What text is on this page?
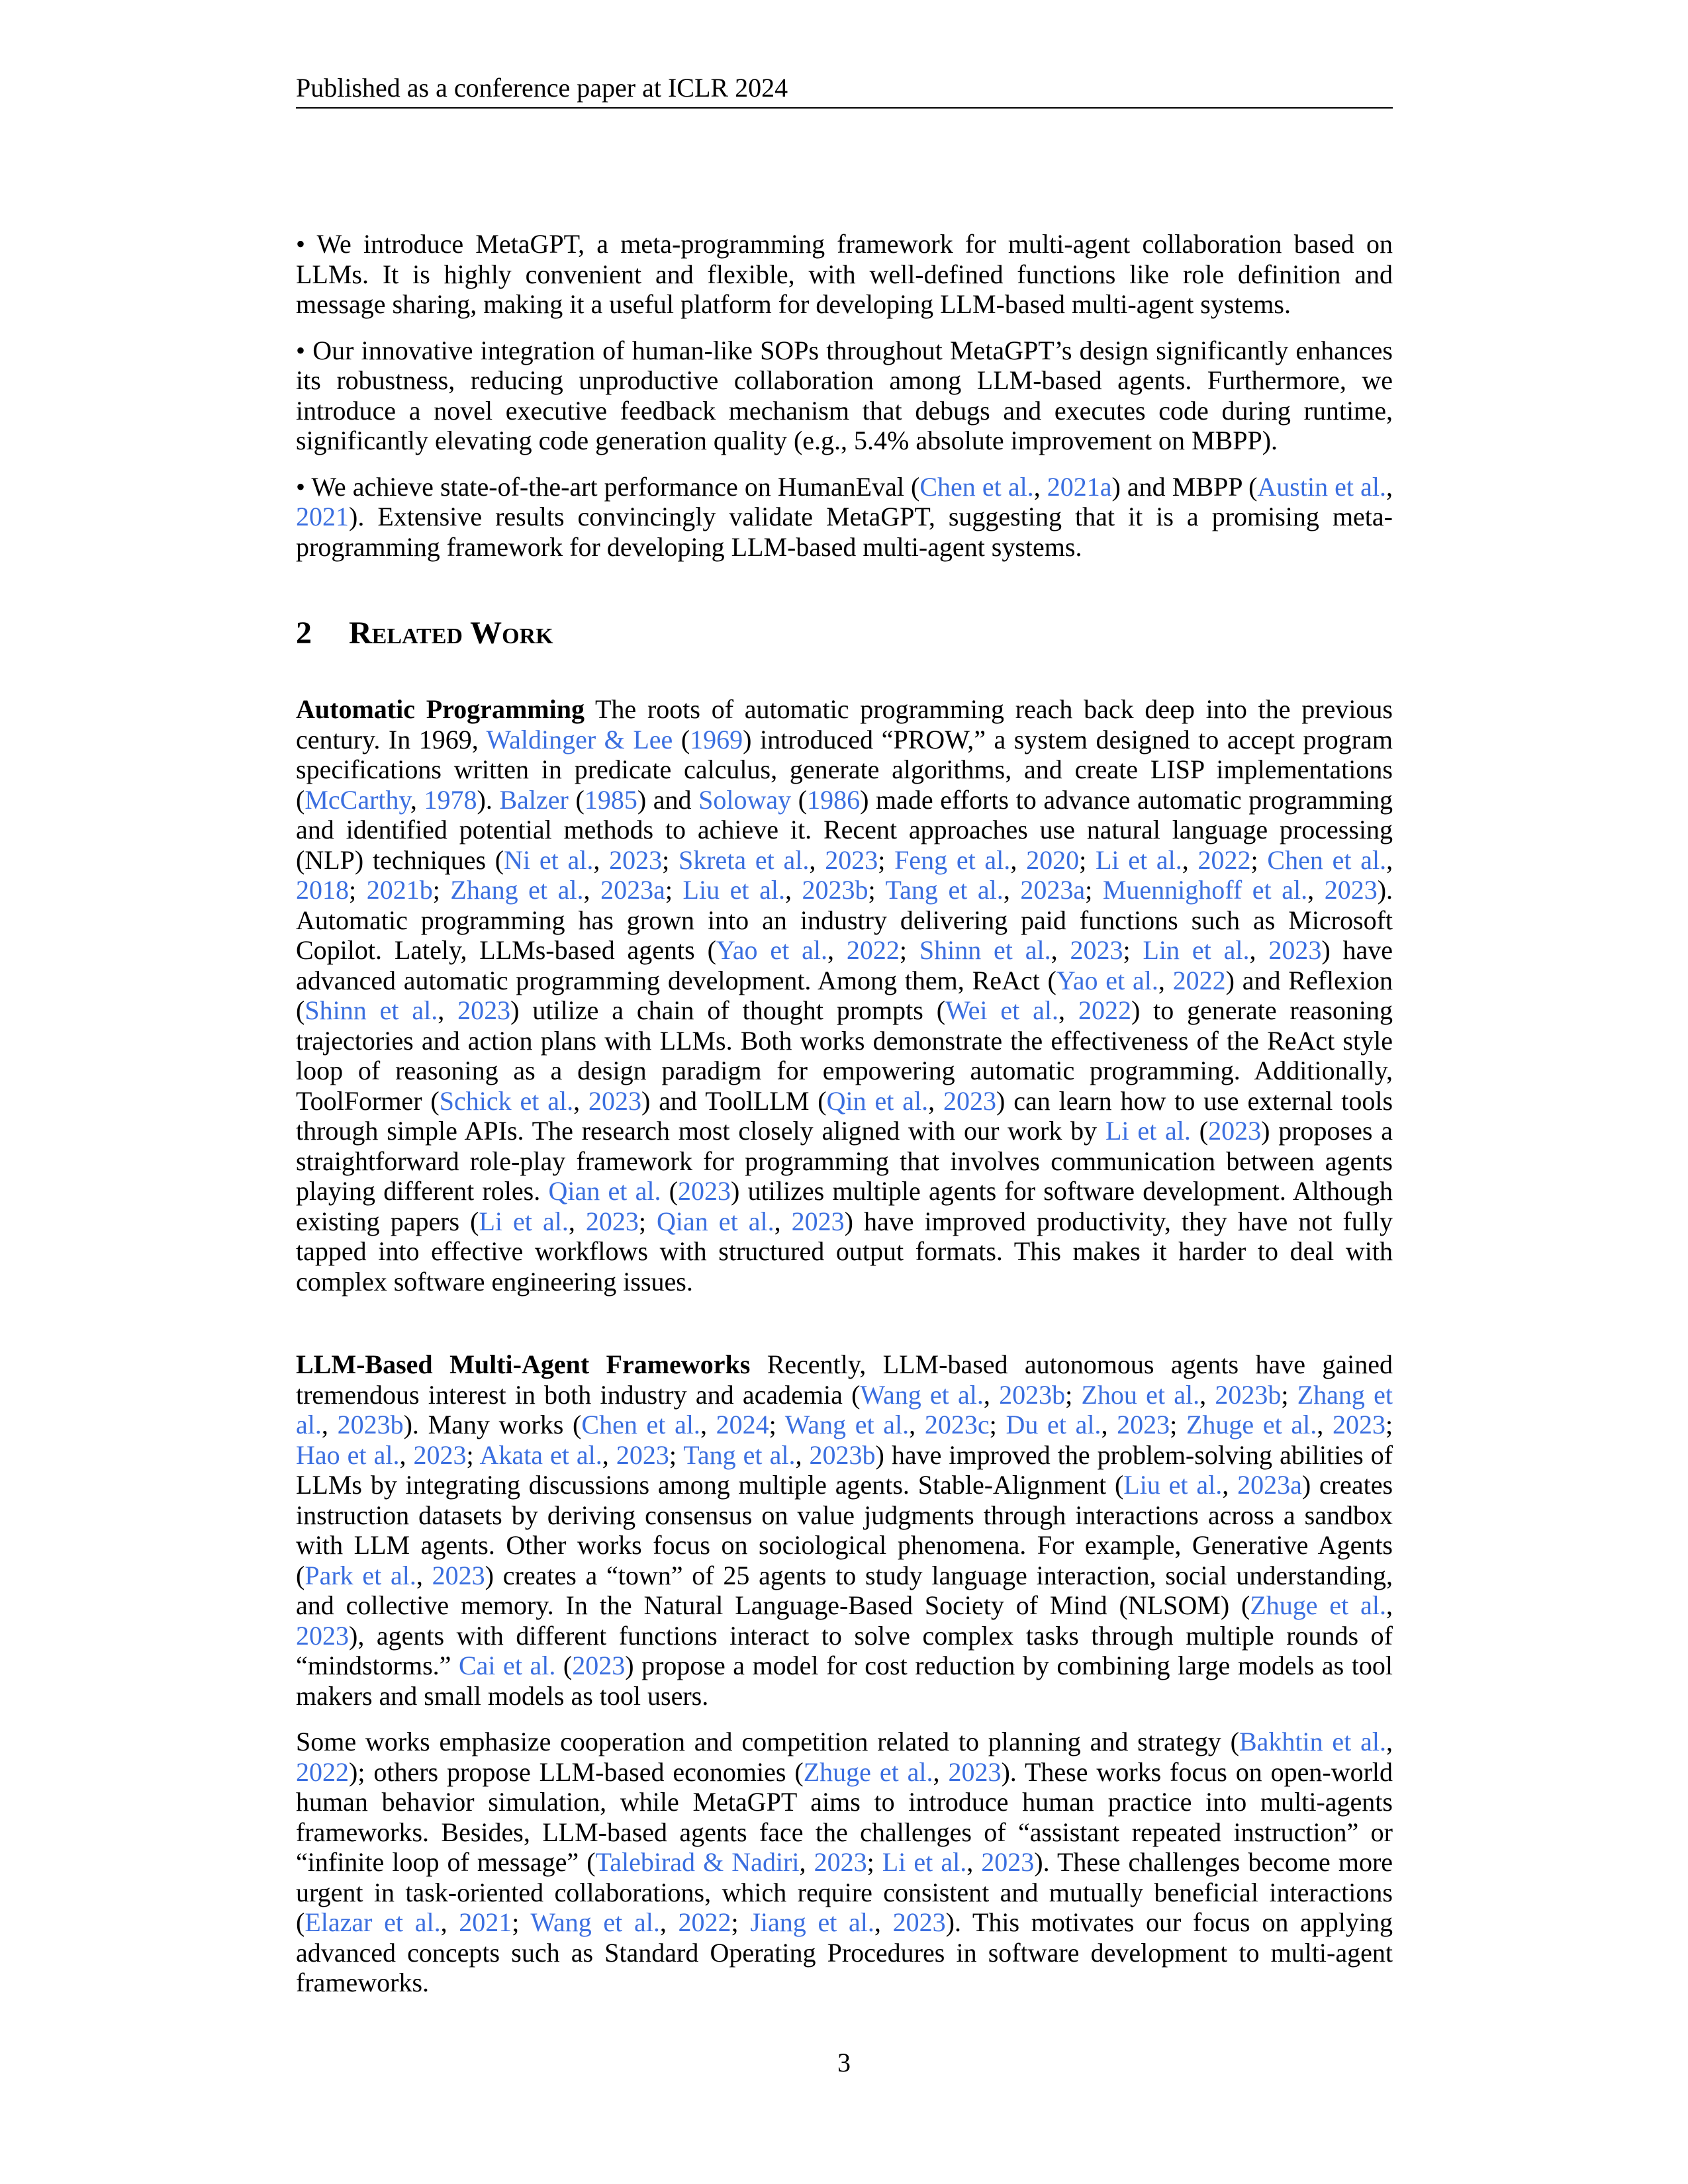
Published as a conference paper at ICLR 2024

• We introduce MetaGPT, a meta-programming framework for multi-agent collaboration based on LLMs. It is highly convenient and flexible, with well-defined functions like role definition and message sharing, making it a useful platform for developing LLM-based multi-agent systems.

• Our innovative integration of human-like SOPs throughout MetaGPT’s design significantly enhances its robustness, reducing unproductive collaboration among LLM-based agents. Furthermore, we introduce a novel executive feedback mechanism that debugs and executes code during runtime, significantly elevating code generation quality (e.g., 5.4% absolute improvement on MBPP).

• We achieve state-of-the-art performance on HumanEval (Chen et al., 2021a) and MBPP (Austin et al., 2021). Extensive results convincingly validate MetaGPT, suggesting that it is a promising meta-programming framework for developing LLM-based multi-agent systems.

2 Related Work

Automatic Programming The roots of automatic programming reach back deep into the previous century. In 1969, Waldinger & Lee (1969) introduced “PROW,” a system designed to accept program specifications written in predicate calculus, generate algorithms, and create LISP implementations (McCarthy, 1978). Balzer (1985) and Soloway (1986) made efforts to advance automatic programming and identified potential methods to achieve it. Recent approaches use natural language processing (NLP) techniques (Ni et al., 2023; Skreta et al., 2023; Feng et al., 2020; Li et al., 2022; Chen et al., 2018; 2021b; Zhang et al., 2023a; Liu et al., 2023b; Tang et al., 2023a; Muennighoff et al., 2023). Automatic programming has grown into an industry delivering paid functions such as Microsoft Copilot. Lately, LLMs-based agents (Yao et al., 2022; Shinn et al., 2023; Lin et al., 2023) have advanced automatic programming development. Among them, ReAct (Yao et al., 2022) and Reflexion (Shinn et al., 2023) utilize a chain of thought prompts (Wei et al., 2022) to generate reasoning trajectories and action plans with LLMs. Both works demonstrate the effectiveness of the ReAct style loop of reasoning as a design paradigm for empowering automatic programming. Additionally, ToolFormer (Schick et al., 2023) and ToolLLM (Qin et al., 2023) can learn how to use external tools through simple APIs. The research most closely aligned with our work by Li et al. (2023) proposes a straightforward role-play framework for programming that involves communication between agents playing different roles. Qian et al. (2023) utilizes multiple agents for software development. Although existing papers (Li et al., 2023; Qian et al., 2023) have improved productivity, they have not fully tapped into effective workflows with structured output formats. This makes it harder to deal with complex software engineering issues.

LLM-Based Multi-Agent Frameworks Recently, LLM-based autonomous agents have gained tremendous interest in both industry and academia (Wang et al., 2023b; Zhou et al., 2023b; Zhang et al., 2023b). Many works (Chen et al., 2024; Wang et al., 2023c; Du et al., 2023; Zhuge et al., 2023; Hao et al., 2023; Akata et al., 2023; Tang et al., 2023b) have improved the problem-solving abilities of LLMs by integrating discussions among multiple agents. Stable-Alignment (Liu et al., 2023a) creates instruction datasets by deriving consensus on value judgments through interactions across a sandbox with LLM agents. Other works focus on sociological phenomena. For example, Generative Agents (Park et al., 2023) creates a “town” of 25 agents to study language interaction, social understanding, and collective memory. In the Natural Language-Based Society of Mind (NLSOM) (Zhuge et al., 2023), agents with different functions interact to solve complex tasks through multiple rounds of “mindstorms.” Cai et al. (2023) propose a model for cost reduction by combining large models as tool makers and small models as tool users.

Some works emphasize cooperation and competition related to planning and strategy (Bakhtin et al., 2022); others propose LLM-based economies (Zhuge et al., 2023). These works focus on open-world human behavior simulation, while MetaGPT aims to introduce human practice into multi-agents frameworks. Besides, LLM-based agents face the challenges of “assistant repeated instruction” or “infinite loop of message” (Talebirad & Nadiri, 2023; Li et al., 2023). These challenges become more urgent in task-oriented collaborations, which require consistent and mutually beneficial interactions (Elazar et al., 2021; Wang et al., 2022; Jiang et al., 2023). This motivates our focus on applying advanced concepts such as Standard Operating Procedures in software development to multi-agent frameworks.

3
